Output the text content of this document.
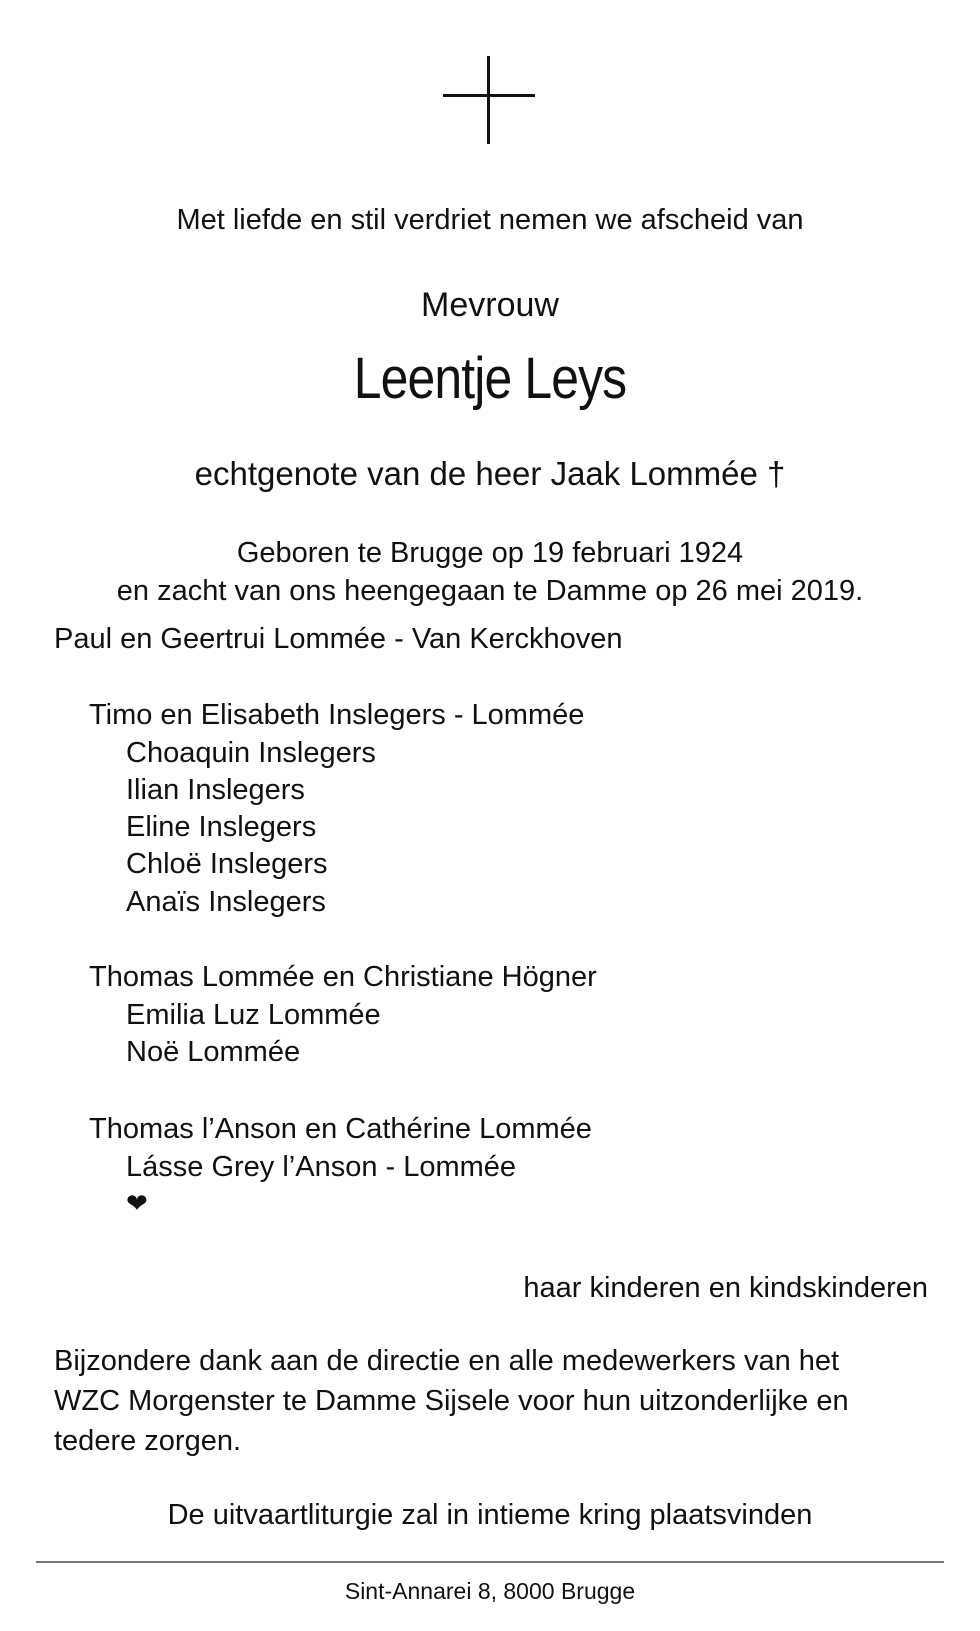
Met liefde en stil verdriet nemen we afscheid van
Mevrouw
Leentje Leys
echtgenote van de heer Jaak Lommée †
Geboren te Brugge op 19 februari 1924
en zacht van ons heengegaan te Damme op 26 mei 2019.
Paul en Geertrui Lommée - Van Kerckhoven
Timo en Elisabeth Inslegers - Lommée
Choaquin Inslegers
Ilian Inslegers
Eline Inslegers
Chloë Inslegers
Anaïs Inslegers
Thomas Lommée en Christiane Högner
Emilia Luz Lommée
Noë Lommée
Thomas l’Anson en Cathérine Lommée
Lásse Grey l’Anson - Lommée
❤
haar kinderen en kindskinderen
Bijzondere dank aan de directie en alle medewerkers van het
WZC Morgenster te Damme Sijsele voor hun uitzonderlijke en
tedere zorgen.
De uitvaartliturgie zal in intieme kring plaatsvinden
Sint-Annarei 8, 8000 Brugge
